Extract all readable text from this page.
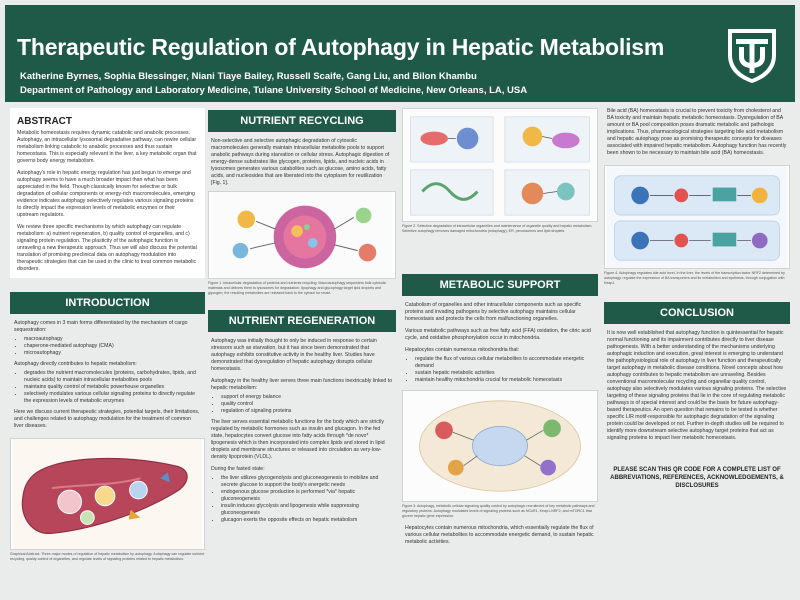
Therapeutic Regulation of Autophagy in Hepatic Metabolism
Katherine Byrnes, Sophia Blessinger, Niani Tiaye Bailey, Russell Scaife, Gang Liu, and Bilon Khambu
Department of Pathology and Laboratory Medicine, Tulane University School of Medicine, New Orleans, LA, USA
ABSTRACT

Metabolic homeostasis requires dynamic catabolic and anabolic processes. Autophagy, an intracellular lysosomal degradative pathway, can rewire cellular metabolism linking catabolic to anabolic processes and thus sustain homeostasis. This is especially relevant in the liver, a key metabolic organ that governs body energy metabolism.

Autophagy's role in hepatic energy regulation has just begun to emerge and autophagy seems to have a much broader impact than what has been appreciated in the field. Though classically known for selective or bulk degradation of cellular components or energy-rich macromolecules, emerging evidence indicates autophagy selectively regulates various signaling proteins to directly impact the expression levels of metabolic enzymes or their upstream regulators.

We review three specific mechanisms by which autophagy can regulate metabolism: a) nutrient regeneration, b) quality control of organelles, and c) signaling protein regulation. The plasticity of the autophagic function is unraveling a new therapeutic approach. Thus we will also discuss the potential translation of promising preclinical data on autophagy modulation into therapeutic strategies that can be used in the clinic to treat common metabolic disorders.

INTRODUCTION
Autophagy comes in 3 main forms differentiated by the mechanism of cargo sequestration:
• macroautophagy
• chaperone-mediated autophagy (CMA)
• microautophagy
Autophagy directly contributes to hepatic metabolism:
• degrades the nutrient macromolecules (proteins, carbohydrates, lipids, and nucleic acids) to maintain intracellular metabolites pools
• maintains quality control of metabolic powerhouse organelles
• selectively modulates various cellular signaling proteins to directly regulate the expression levels of metabolic enzymes
Here we discuss current therapeutic strategies, potential targets, their limitations, and challenges related to autophagy modulation for the treatment of common liver diseases.
Graphical Abstract. Three major modes of regulation of hepatic metabolism by autophagy. Autophagy can regulate nutrient recycling, quality control of organelles, and regulate levels of signaling proteins related to hepatic metabolism.
NUTRIENT RECYCLING
Non-selective and selective autophagic degradation of cytosolic macromolecules generally maintain intracellular metabolite pools to support anabolic pathways during starvation or cellular stress. Autophagic digestion of energy-dense substrates like glycogen, proteins, lipids, and nucleic acids in lysosomes generates various catabolites such as glucose, amino acids, fatty acids, and nucleosides that are liberated into the cytoplasm for reutilization [Fig. 1].
Figure 1. Intracellular degradation of proteins and nutrients recycling. Macroautophagy sequesters bulk cytosolic materials and delivers them to lysosomes for degradation; lipophagy and glycophagy target lipid droplets and glycogen; the resulting metabolites are released back to the cytosol for reuse.
NUTRIENT REGENERATION
Autophagy was initially thought to only be induced in response to certain stressors such as starvation, but it has since been demonstrated that autophagy exhibits constitutive activity in the healthy liver. Studies have demonstrated that dysregulation of hepatic autophagy disrupts cellular homeostasis.
Autophagy in the healthy liver serves three main functions inextricably linked to hepatic metabolism:
• support of energy balance
• quality control
• regulation of signaling proteins
The liver serves essential metabolic functions for the body which are strictly regulated by metabolic hormones such as insulin and glucagon. In the fed state, hepatocytes convert glucose into fatty acids through *de novo* lipogenesis which is then incorporated into complex lipids and stored in lipid droplets and membrane structures or released into circulation as very-low-density lipoprotein (VLDL).
During the fasted state:
• the liver utilizes glycogenolysis and gluconeogenesis to mobilize and secrete glucose to support the body's energetic needs
• endogenous glucose production is performed *via* hepatic gluconeogenesis
• insulin induces glycolysis and lipogenesis while suppressing gluconeogenesis
• glucagon exerts the opposite effects on hepatic metabolism
Figure 2. Selective degradation of intracellular organelles and maintenance of organelle quality and hepatic metabolism. Selective autophagy removes damaged mitochondria (mitophagy), ER, peroxisomes and lipid droplets.
METABOLIC SUPPORT
Catabolism of organelles and other intracellular components such as specific proteins and invading pathogens by selective autophagy maintains cellular homeostasis and protects the cells from malfunctioning organelles.
Various metabolic pathways such as free fatty acid (FFA) oxidation, the citric acid cycle, and oxidative phosphorylation occur in mitochondria.
Hepatocytes contain numerous mitochondria that:
• regulate the flux of various cellular metabolites to accommodate energetic demand
• sustain hepatic metabolic activities
• maintain healthy mitochondria crucial for metabolic homeostasis
Figure 3. Autophagy, metabolic cellular signaling quality control by autophagic recruitment of key metabolic pathways and regulatory proteins. Autophagy modulates levels of signaling proteins such as NCoR1, Keap1-NRF2, and mTORC1 that govern hepatic gene expression.
Hepatocytes contain numerous mitochondria, which essentially regulate the flux of various cellular metabolites to accommodate energetic demand, to sustain hepatic metabolic activities.
Bile acid (BA) homeostasis is crucial to prevent toxicity from cholesterol and BA toxicity and maintain hepatic metabolic homeostasis. Dysregulation of BA amount or BA pool composition poses dramatic metabolic and pathologic implications. Thus, pharmacological strategies targeting bile acid metabolism and hepatic autophagy pose as promising therapeutic concepts for diseases associated with impaired hepatic metabolism. Autophagy function has recently been shown to be necessary to maintain bile acid (BA) homeostasis.
Figure 4. Autophagy regulates bile acid level. In the liver, the levels of the transcription factor NRF2 determined by autophagy, regulate the expression of BA transporters and its metabolism and synthesis, through conjugation with Keap1.
CONCLUSION
It is now well established that autophagy function is quintessential for hepatic normal functioning and its impairment contributes directly to liver disease pathogenesis. With a better understanding of the mechanisms underlying autophagic induction and execution, great interest is emerging to understand the pathophysiological role of autophagy in liver function and therapeutically target autophagy in metabolic disease conditions. Novel concepts about how autophagy contributes to hepatic metabolism are unraveling. Besides conventional macromolecular recycling and organellar quality control, autophagy also selectively modulates various signaling proteins. The selective targeting of these signaling proteins that lie in the core of regulating metabolic pathways is of special interest and could be the basis for future autophagy-based therapeutics. An open question that remains to be tested is whether specific LIR motif-responsible for autophagic degradation of the signaling protein could be developed or not. Further in-depth studies will be required to identify more downstream selective autophagy target proteins that act as signaling proteins to impact liver metabolic homeostasis.
PLEASE SCAN THIS QR CODE FOR A COMPLETE LIST OF ABBREVIATIONS, REFERENCES, ACKNOWLEDGEMENTS, & DISCLOSURES
